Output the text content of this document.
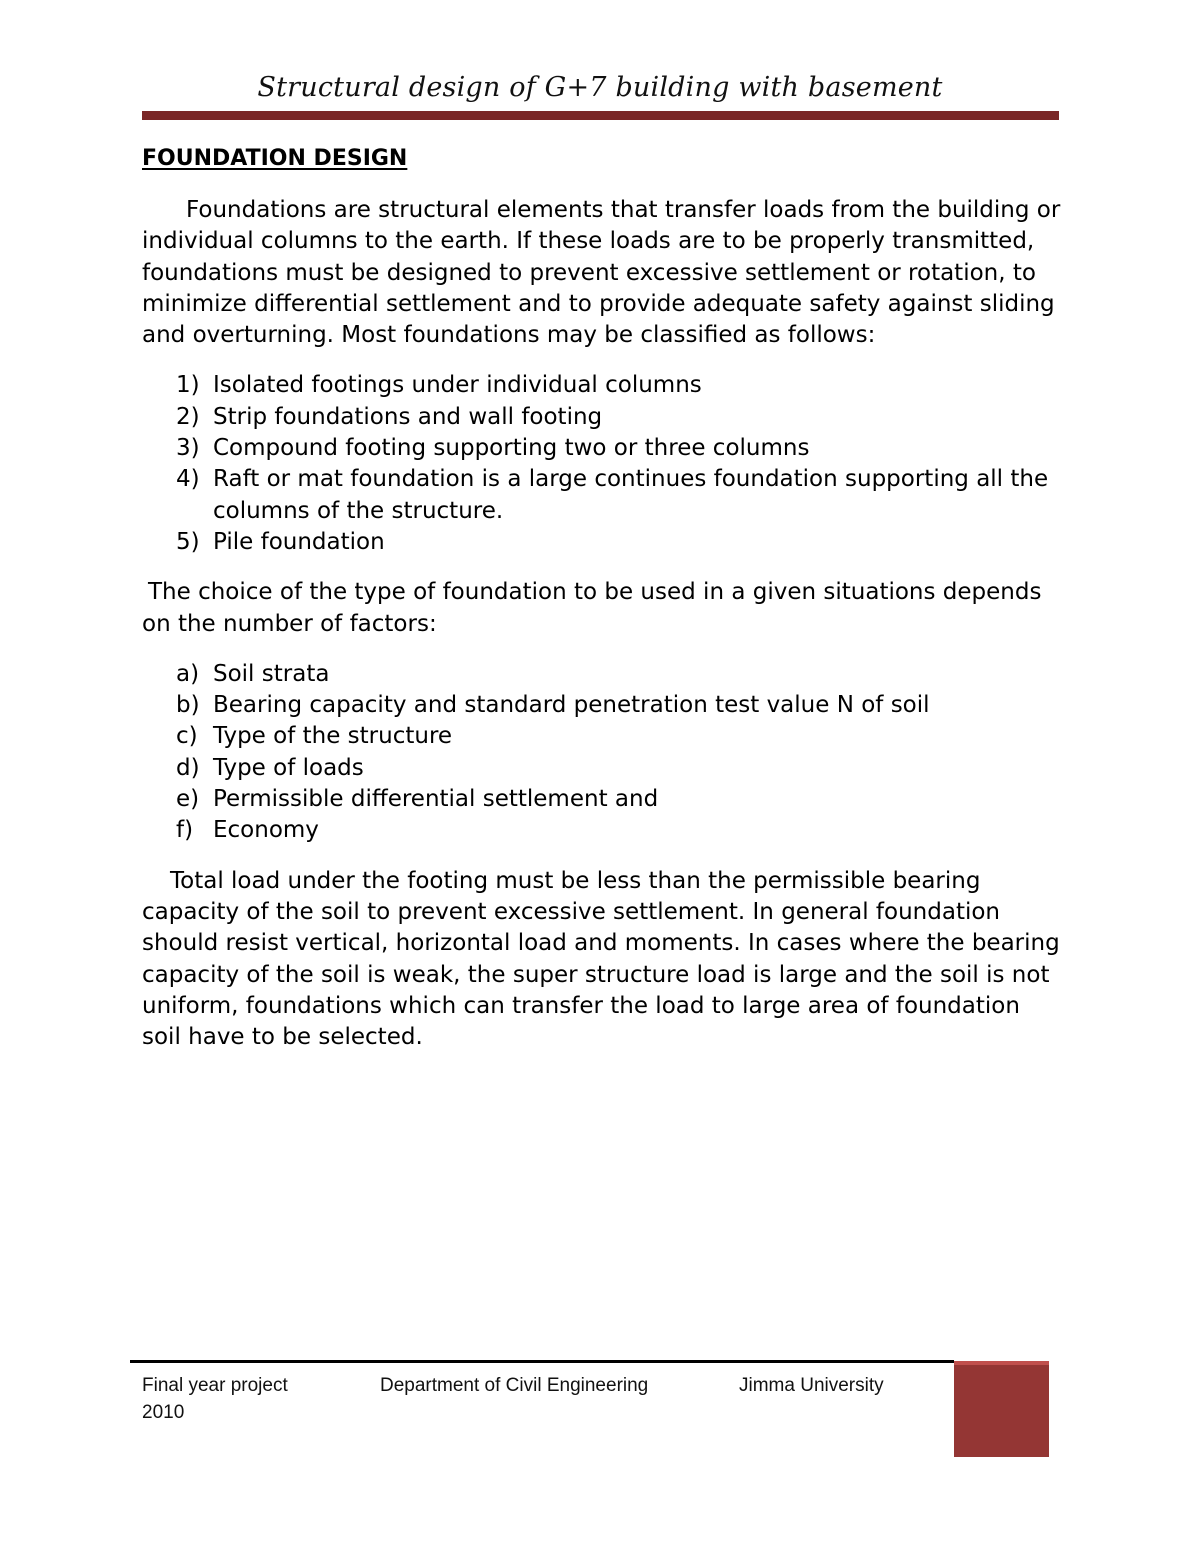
Structural design of G+7 building with basement
FOUNDATION DESIGN

Foundations are structural elements that transfer loads from the building or individual columns to the earth. If these loads are to be properly transmitted, foundations must be designed to prevent excessive settlement or rotation, to minimize differential settlement and to provide adequate safety against sliding and overturning. Most foundations may be classified as follows:

1) Isolated footings under individual columns
2) Strip foundations and wall footing
3) Compound footing supporting two or three columns
4) Raft or mat foundation is a large continues foundation supporting all the columns of the structure.
5) Pile foundation

The choice of the type of foundation to be used in a given situations depends on the number of factors:

a) Soil strata
b) Bearing capacity and standard penetration test value N of soil
c) Type of the structure
d) Type of loads
e) Permissible differential settlement and
f) Economy

Total load under the footing must be less than the permissible bearing capacity of the soil to prevent excessive settlement. In general foundation should resist vertical, horizontal load and moments. In cases where the bearing capacity of the soil is weak, the super structure load is large and the soil is not uniform, foundations which can transfer the load to large area of foundation soil have to be selected.

Final year project
2010
Department of Civil Engineering	Jimma University
